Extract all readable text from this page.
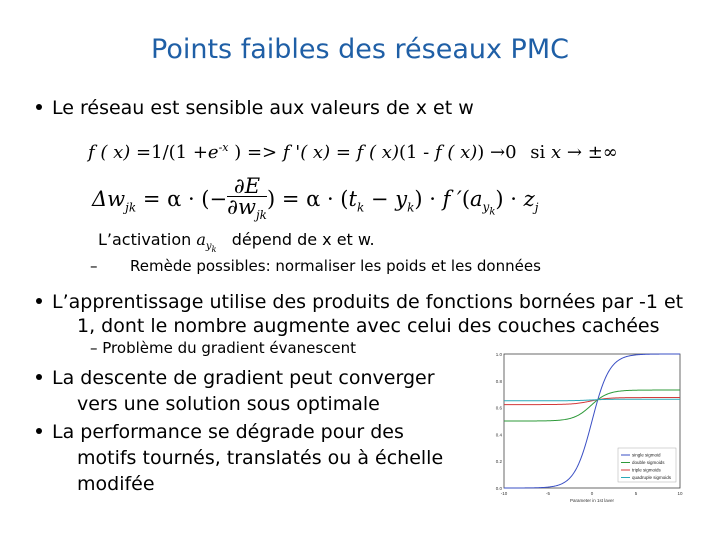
Points faibles des réseaux PMC
Le réseau est sensible aux valeurs de x et w
f ( $x) =1/(1 +e^{-x}$ ) => f '( x) = f ( x)(1 - f ( x)) →0 si x → ±∞
$\Delta w_{jk} = \alpha$ · (−
∂E
$\partial w_{jk}$
) = $\alpha \cdot (t_k - y_k) \cdot f$ $'(a_{y_k}) \cdot z_j$
L’activation $a_{y_k}$ dépend de x et w.
– Remède possibles: normaliser les poids et les données
L’apprentissage utilise des produits de fonctions bornées par -1 et
1, dont le nombre augmente avec celui des couches cachées
– Problème du gradient évanescent
La descente de gradient peut converger
vers une solution sous optimale
La performance se dégrade pour des
motifs tournés, translatés ou à échelle
modifée	0.0
0.2
0.4
0.6
0.8
1.0
-10	-5	0	5	10
Parameter in 1st layer
single sigmoid
double sigmoids
triple sigmoids
quadruple sigmoids
